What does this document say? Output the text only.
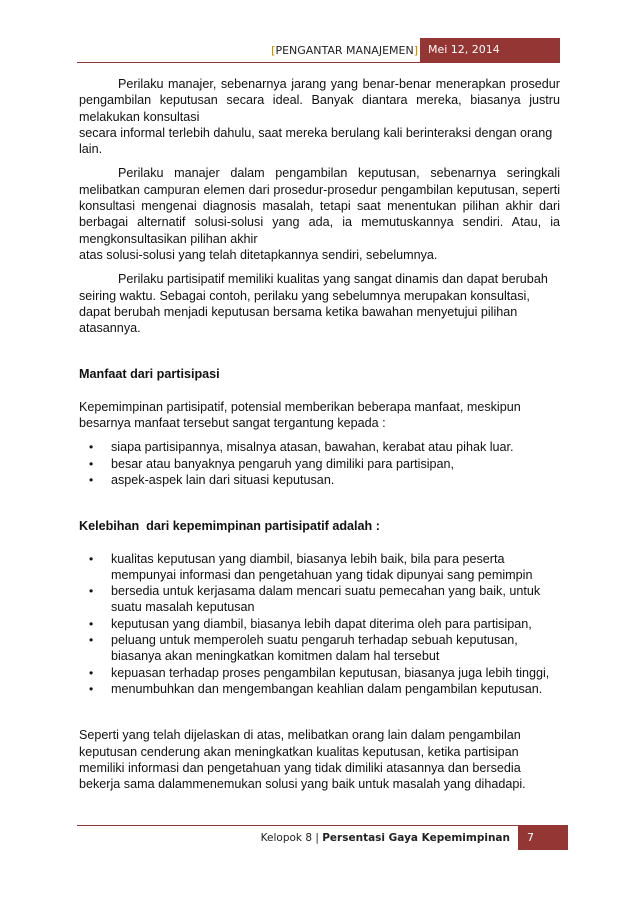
[PENGANTAR MANAJEMEN] Mei 12, 2014

Perilaku manajer, sebenarnya jarang yang benar-benar menerapkan prosedur pengambilan keputusan secara ideal. Banyak diantara mereka, biasanya justru melakukan konsultasi

secara informal terlebih dahulu, saat mereka berulang kali berinteraksi dengan orang lain.

Perilaku manajer dalam pengambilan keputusan, sebenarnya seringkali melibatkan campuran elemen dari prosedur-prosedur pengambilan keputusan, seperti konsultasi mengenai diagnosis masalah, tetapi saat menentukan pilihan akhir dari berbagai alternatif solusi-solusi yang ada, ia memutuskannya sendiri. Atau, ia mengkonsultasikan pilihan akhir

atas solusi-solusi yang telah ditetapkannya sendiri, sebelumnya.

Perilaku partisipatif memiliki kualitas yang sangat dinamis dan dapat berubah seiring waktu. Sebagai contoh, perilaku yang sebelumnya merupakan konsultasi, dapat berubah menjadi keputusan bersama ketika bawahan menyetujui pilihan atasannya.

Manfaat dari partisipasi

Kepemimpinan partisipatif, potensial memberikan beberapa manfaat, meskipun besarnya manfaat tersebut sangat tergantung kepada :

• siapa partisipannya, misalnya atasan, bawahan, kerabat atau pihak luar.
• besar atau banyaknya pengaruh yang dimiliki para partisipan,
• aspek-aspek lain dari situasi keputusan.
Kelebihan  dari kepemimpinan partisipatif adalah :
• kualitas keputusan yang diambil, biasanya lebih baik, bila para peserta mempunyai informasi dan pengetahuan yang tidak dipunyai sang pemimpin
• bersedia untuk kerjasama dalam mencari suatu pemecahan yang baik, untuk suatu masalah keputusan
• keputusan yang diambil, biasanya lebih dapat diterima oleh para partisipan,
• peluang untuk memperoleh suatu pengaruh terhadap sebuah keputusan, biasanya akan meningkatkan komitmen dalam hal tersebut
• kepuasan terhadap proses pengambilan keputusan, biasanya juga lebih tinggi,
• menumbuhkan dan mengembangan keahlian dalam pengambilan keputusan.

Seperti yang telah dijelaskan di atas, melibatkan orang lain dalam pengambilan keputusan cenderung akan meningkatkan kualitas keputusan, ketika partisipan memiliki informasi dan pengetahuan yang tidak dimiliki atasannya dan bersedia bekerja sama dalammenemukan solusi yang baik untuk masalah yang dihadapi.

Kelopok 8 | Persentasi Gaya Kepemimpinan	7
